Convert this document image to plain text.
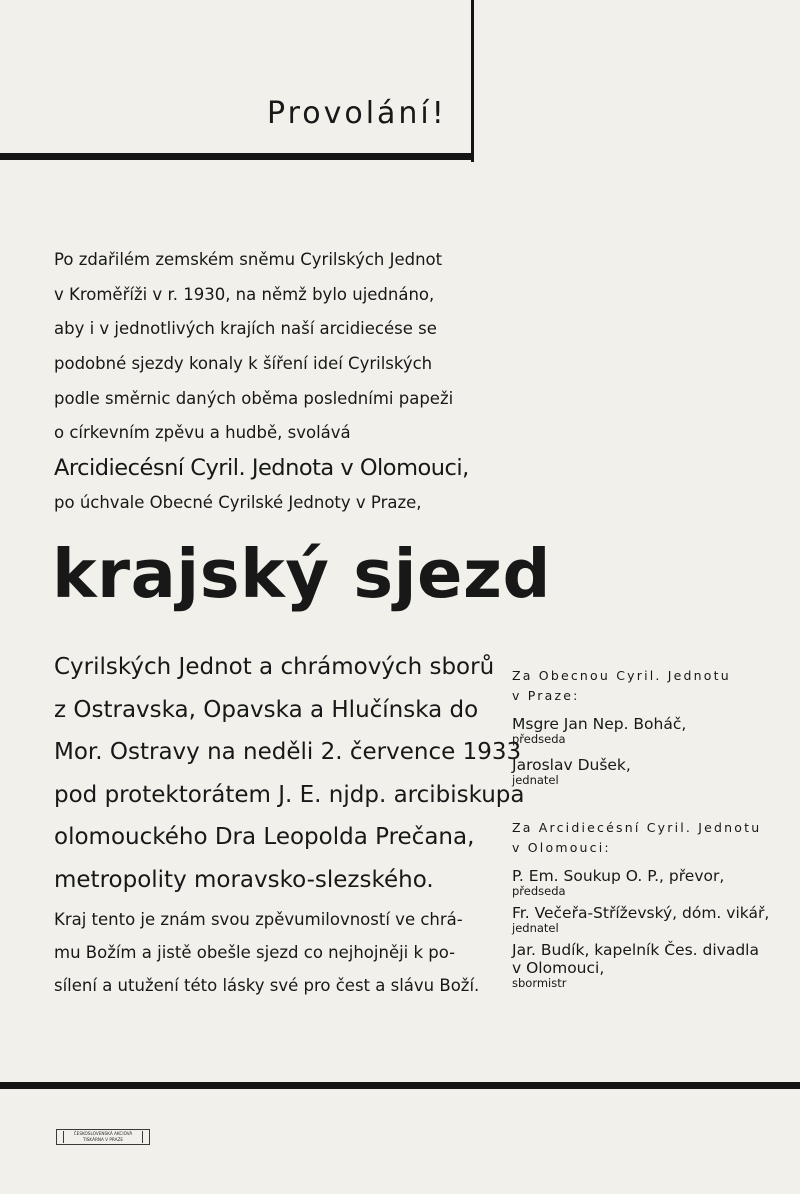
Provolání!
Po zdařilém zemském sněmu Cyrilských Jednot
v Kroměříži v r. 1930, na němž bylo ujednáno,
aby i v jednotlivých krajích naší arcidiecése se
podobné sjezdy konaly k šíření ideí Cyrilských
podle směrnic daných oběma posledními papeži
o církevním zpěvu a hudbě, svolává
Arcidiecésní Cyril. Jednota v Olomouci,
po úchvale Obecné Cyrilské Jednoty v Praze,
krajský sjezd
Cyrilských Jednot a chrámových sborů
z Ostravska, Opavska a Hlučínska do
Mor. Ostravy na neděli 2. července 1933
pod protektorátem J. E. njdp. arcibiskupa
olomouckého Dra Leopolda Prečana,
metropolity moravsko-slezského.
Kraj tento je znám svou zpěvumilovností ve chrá-
mu Božím a jistě obešle sjezd co nejhojněji k po-
sílení a utužení této lásky své pro čest a slávu Boží.
Za Obecnou Cyril. Jednotu
v Praze:
Msgre Jan Nep. Boháč,
předseda
Jaroslav Dušek,
jednatel
Za Arcidiecésní Cyril. Jednotu
v Olomouci:
P. Em. Soukup O. P., převor,
předseda
Fr. Večeřa-Stříževský, dóm. vikář,
jednatel
Jar. Budík, kapelník Čes. divadla
v Olomouci,
sbormistr
ČESKOSLOVENSKÁ AKCIOVÁ
TISKÁRNA V PRAZE
